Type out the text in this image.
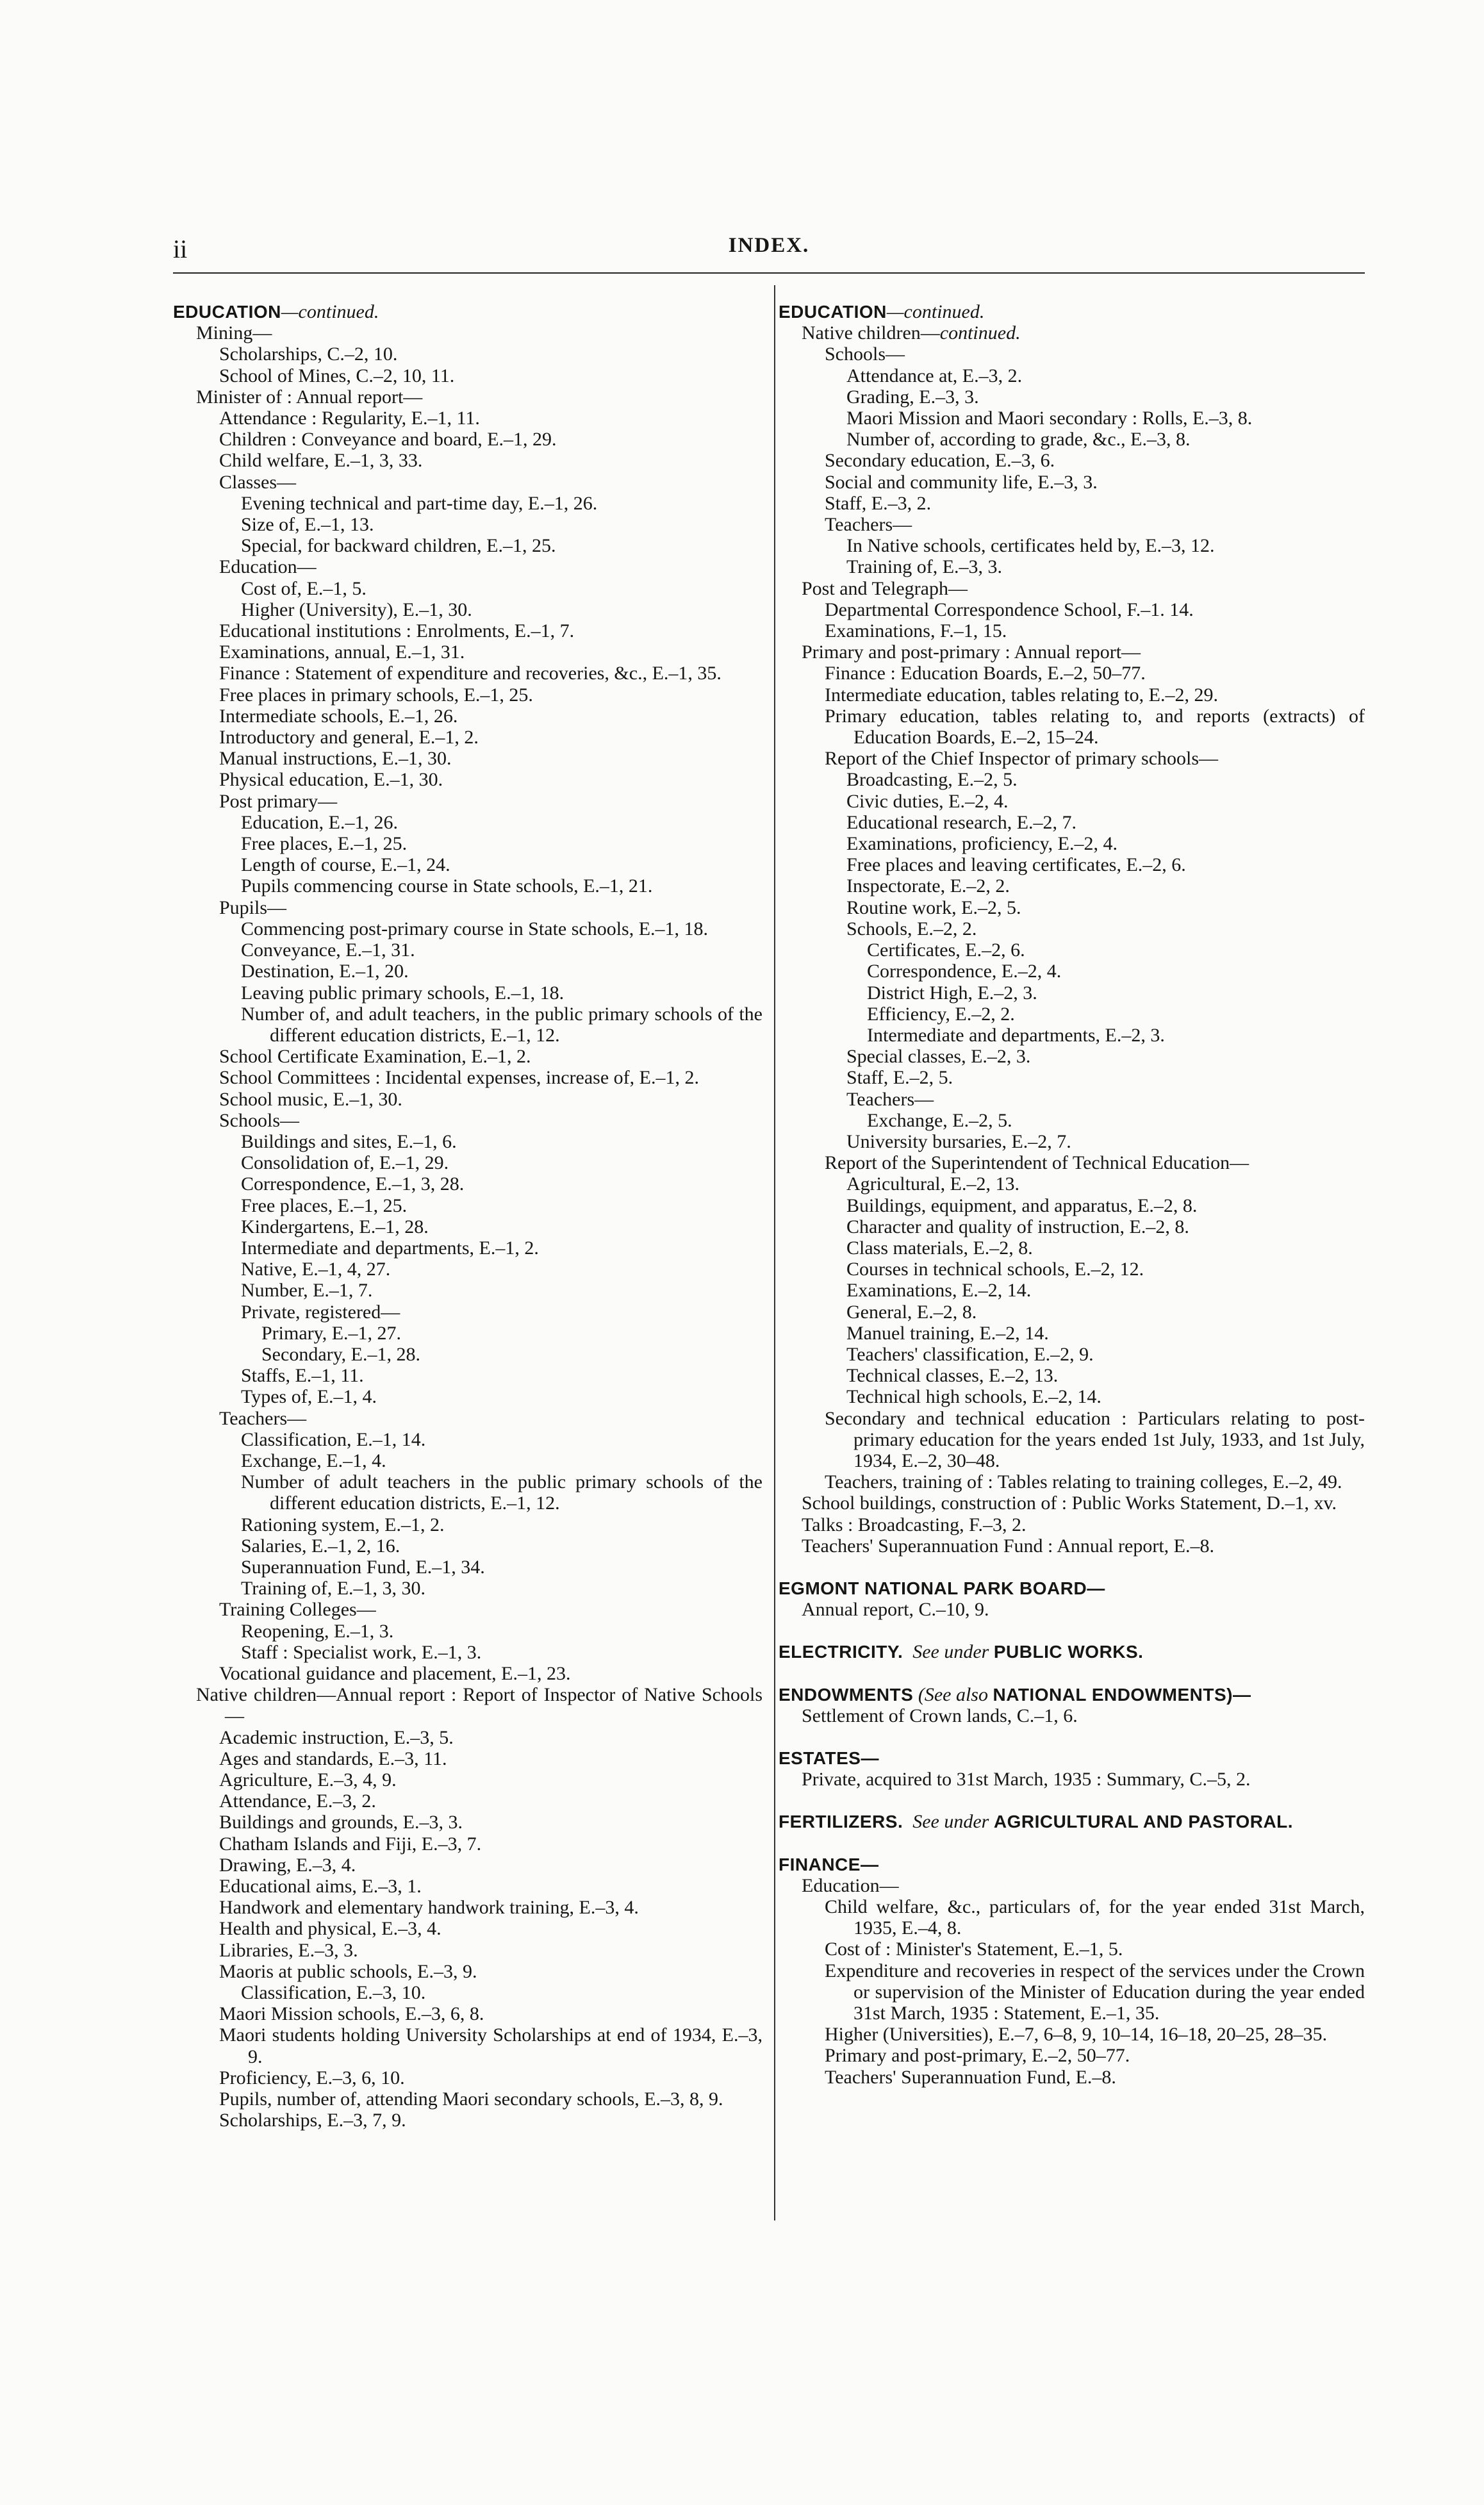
ii	INDEX.
EDUCATION—continued.
Mining—
Scholarships, C.–2, 10.
School of Mines, C.–2, 10, 11.
Minister of : Annual report—
Attendance : Regularity, E.–1, 11.
Children : Conveyance and board, E.–1, 29.
Child welfare, E.–1, 3, 33.
Classes—
Evening technical and part-time day, E.–1, 26.
Size of, E.–1, 13.
Special, for backward children, E.–1, 25.
Education—
Cost of, E.–1, 5.
Higher (University), E.–1, 30.
Educational institutions : Enrolments, E.–1, 7.
Examinations, annual, E.–1, 31.
Finance : Statement of expenditure and recoveries, &c., E.–1, 35.
Free places in primary schools, E.–1, 25.
Intermediate schools, E.–1, 26.
Introductory and general, E.–1, 2.
Manual instructions, E.–1, 30.
Physical education, E.–1, 30.
Post primary—
Education, E.–1, 26.
Free places, E.–1, 25.
Length of course, E.–1, 24.
Pupils commencing course in State schools, E.–1, 21.
Pupils—
Commencing post-primary course in State schools, E.–1, 18.
Conveyance, E.–1, 31.
Destination, E.–1, 20.
Leaving public primary schools, E.–1, 18.
Number of, and adult teachers, in the public primary schools of the different education districts, E.–1, 12.
School Certificate Examination, E.–1, 2.
School Committees : Incidental expenses, increase of, E.–1, 2.
School music, E.–1, 30.
Schools—
Buildings and sites, E.–1, 6.
Consolidation of, E.–1, 29.
Correspondence, E.–1, 3, 28.
Free places, E.–1, 25.
Kindergartens, E.–1, 28.
Intermediate and departments, E.–1, 2.
Native, E.–1, 4, 27.
Number, E.–1, 7.
Private, registered—
Primary, E.–1, 27.
Secondary, E.–1, 28.
Staffs, E.–1, 11.
Types of, E.–1, 4.
Teachers—
Classification, E.–1, 14.
Exchange, E.–1, 4.
Number of adult teachers in the public primary schools of the different education districts, E.–1, 12.
Rationing system, E.–1, 2.
Salaries, E.–1, 2, 16.
Superannuation Fund, E.–1, 34.
Training of, E.–1, 3, 30.
Training Colleges—
Reopening, E.–1, 3.
Staff : Specialist work, E.–1, 3.
Vocational guidance and placement, E.–1, 23.
Native children—Annual report : Report of Inspector of Native Schools—
Academic instruction, E.–3, 5.
Ages and standards, E.–3, 11.
Agriculture, E.–3, 4, 9.
Attendance, E.–3, 2.
Buildings and grounds, E.–3, 3.
Chatham Islands and Fiji, E.–3, 7.
Drawing, E.–3, 4.
Educational aims, E.–3, 1.
Handwork and elementary handwork training, E.–3, 4.
Health and physical, E.–3, 4.
Libraries, E.–3, 3.
Maoris at public schools, E.–3, 9.
Classification, E.–3, 10.
Maori Mission schools, E.–3, 6, 8.
Maori students holding University Scholarships at end of 1934, E.–3, 9.
Proficiency, E.–3, 6, 10.
Pupils, number of, attending Maori secondary schools, E.–3, 8, 9.
Scholarships, E.–3, 7, 9.
EDUCATION—continued.
Native children—continued.
Schools—
Attendance at, E.–3, 2.
Grading, E.–3, 3.
Maori Mission and Maori secondary : Rolls, E.–3, 8.
Number of, according to grade, &c., E.–3, 8.
Secondary education, E.–3, 6.
Social and community life, E.–3, 3.
Staff, E.–3, 2.
Teachers—
In Native schools, certificates held by, E.–3, 12.
Training of, E.–3, 3.
Post and Telegraph—
Departmental Correspondence School, F.–1. 14.
Examinations, F.–1, 15.
Primary and post-primary : Annual report—
Finance : Education Boards, E.–2, 50–77.
Intermediate education, tables relating to, E.–2, 29.
Primary education, tables relating to, and reports (extracts) of Education Boards, E.–2, 15–24.
Report of the Chief Inspector of primary schools—
Broadcasting, E.–2, 5.
Civic duties, E.–2, 4.
Educational research, E.–2, 7.
Examinations, proficiency, E.–2, 4.
Free places and leaving certificates, E.–2, 6.
Inspectorate, E.–2, 2.
Routine work, E.–2, 5.
Schools, E.–2, 2.
Certificates, E.–2, 6.
Correspondence, E.–2, 4.
District High, E.–2, 3.
Efficiency, E.–2, 2.
Intermediate and departments, E.–2, 3.
Special classes, E.–2, 3.
Staff, E.–2, 5.
Teachers—
Exchange, E.–2, 5.
University bursaries, E.–2, 7.
Report of the Superintendent of Technical Education—
Agricultural, E.–2, 13.
Buildings, equipment, and apparatus, E.–2, 8.
Character and quality of instruction, E.–2, 8.
Class materials, E.–2, 8.
Courses in technical schools, E.–2, 12.
Examinations, E.–2, 14.
General, E.–2, 8.
Manuel training, E.–2, 14.
Teachers' classification, E.–2, 9.
Technical classes, E.–2, 13.
Technical high schools, E.–2, 14.
Secondary and technical education : Particulars relating to post-primary education for the years ended 1st July, 1933, and 1st July, 1934, E.–2, 30–48.
Teachers, training of : Tables relating to training colleges, E.–2, 49.
School buildings, construction of : Public Works Statement, D.–1, xv.
Talks : Broadcasting, F.–3, 2.
Teachers' Superannuation Fund : Annual report, E.–8.
EGMONT NATIONAL PARK BOARD—
Annual report, C.–10, 9.
ELECTRICITY. See under PUBLIC WORKS.
ENDOWMENTS (See also NATIONAL ENDOWMENTS)—
Settlement of Crown lands, C.–1, 6.
ESTATES—
Private, acquired to 31st March, 1935 : Summary, C.–5, 2.
FERTILIZERS. See under AGRICULTURAL AND PASTORAL.
FINANCE—
Education—
Child welfare, &c., particulars of, for the year ended 31st March, 1935, E.–4, 8.
Cost of : Minister's Statement, E.–1, 5.
Expenditure and recoveries in respect of the services under the Crown or supervision of the Minister of Education during the year ended 31st March, 1935 : Statement, E.–1, 35.
Higher (Universities), E.–7, 6–8, 9, 10–14, 16–18, 20–25, 28–35.
Primary and post-primary, E.–2, 50–77.
Teachers' Superannuation Fund, E.–8.
